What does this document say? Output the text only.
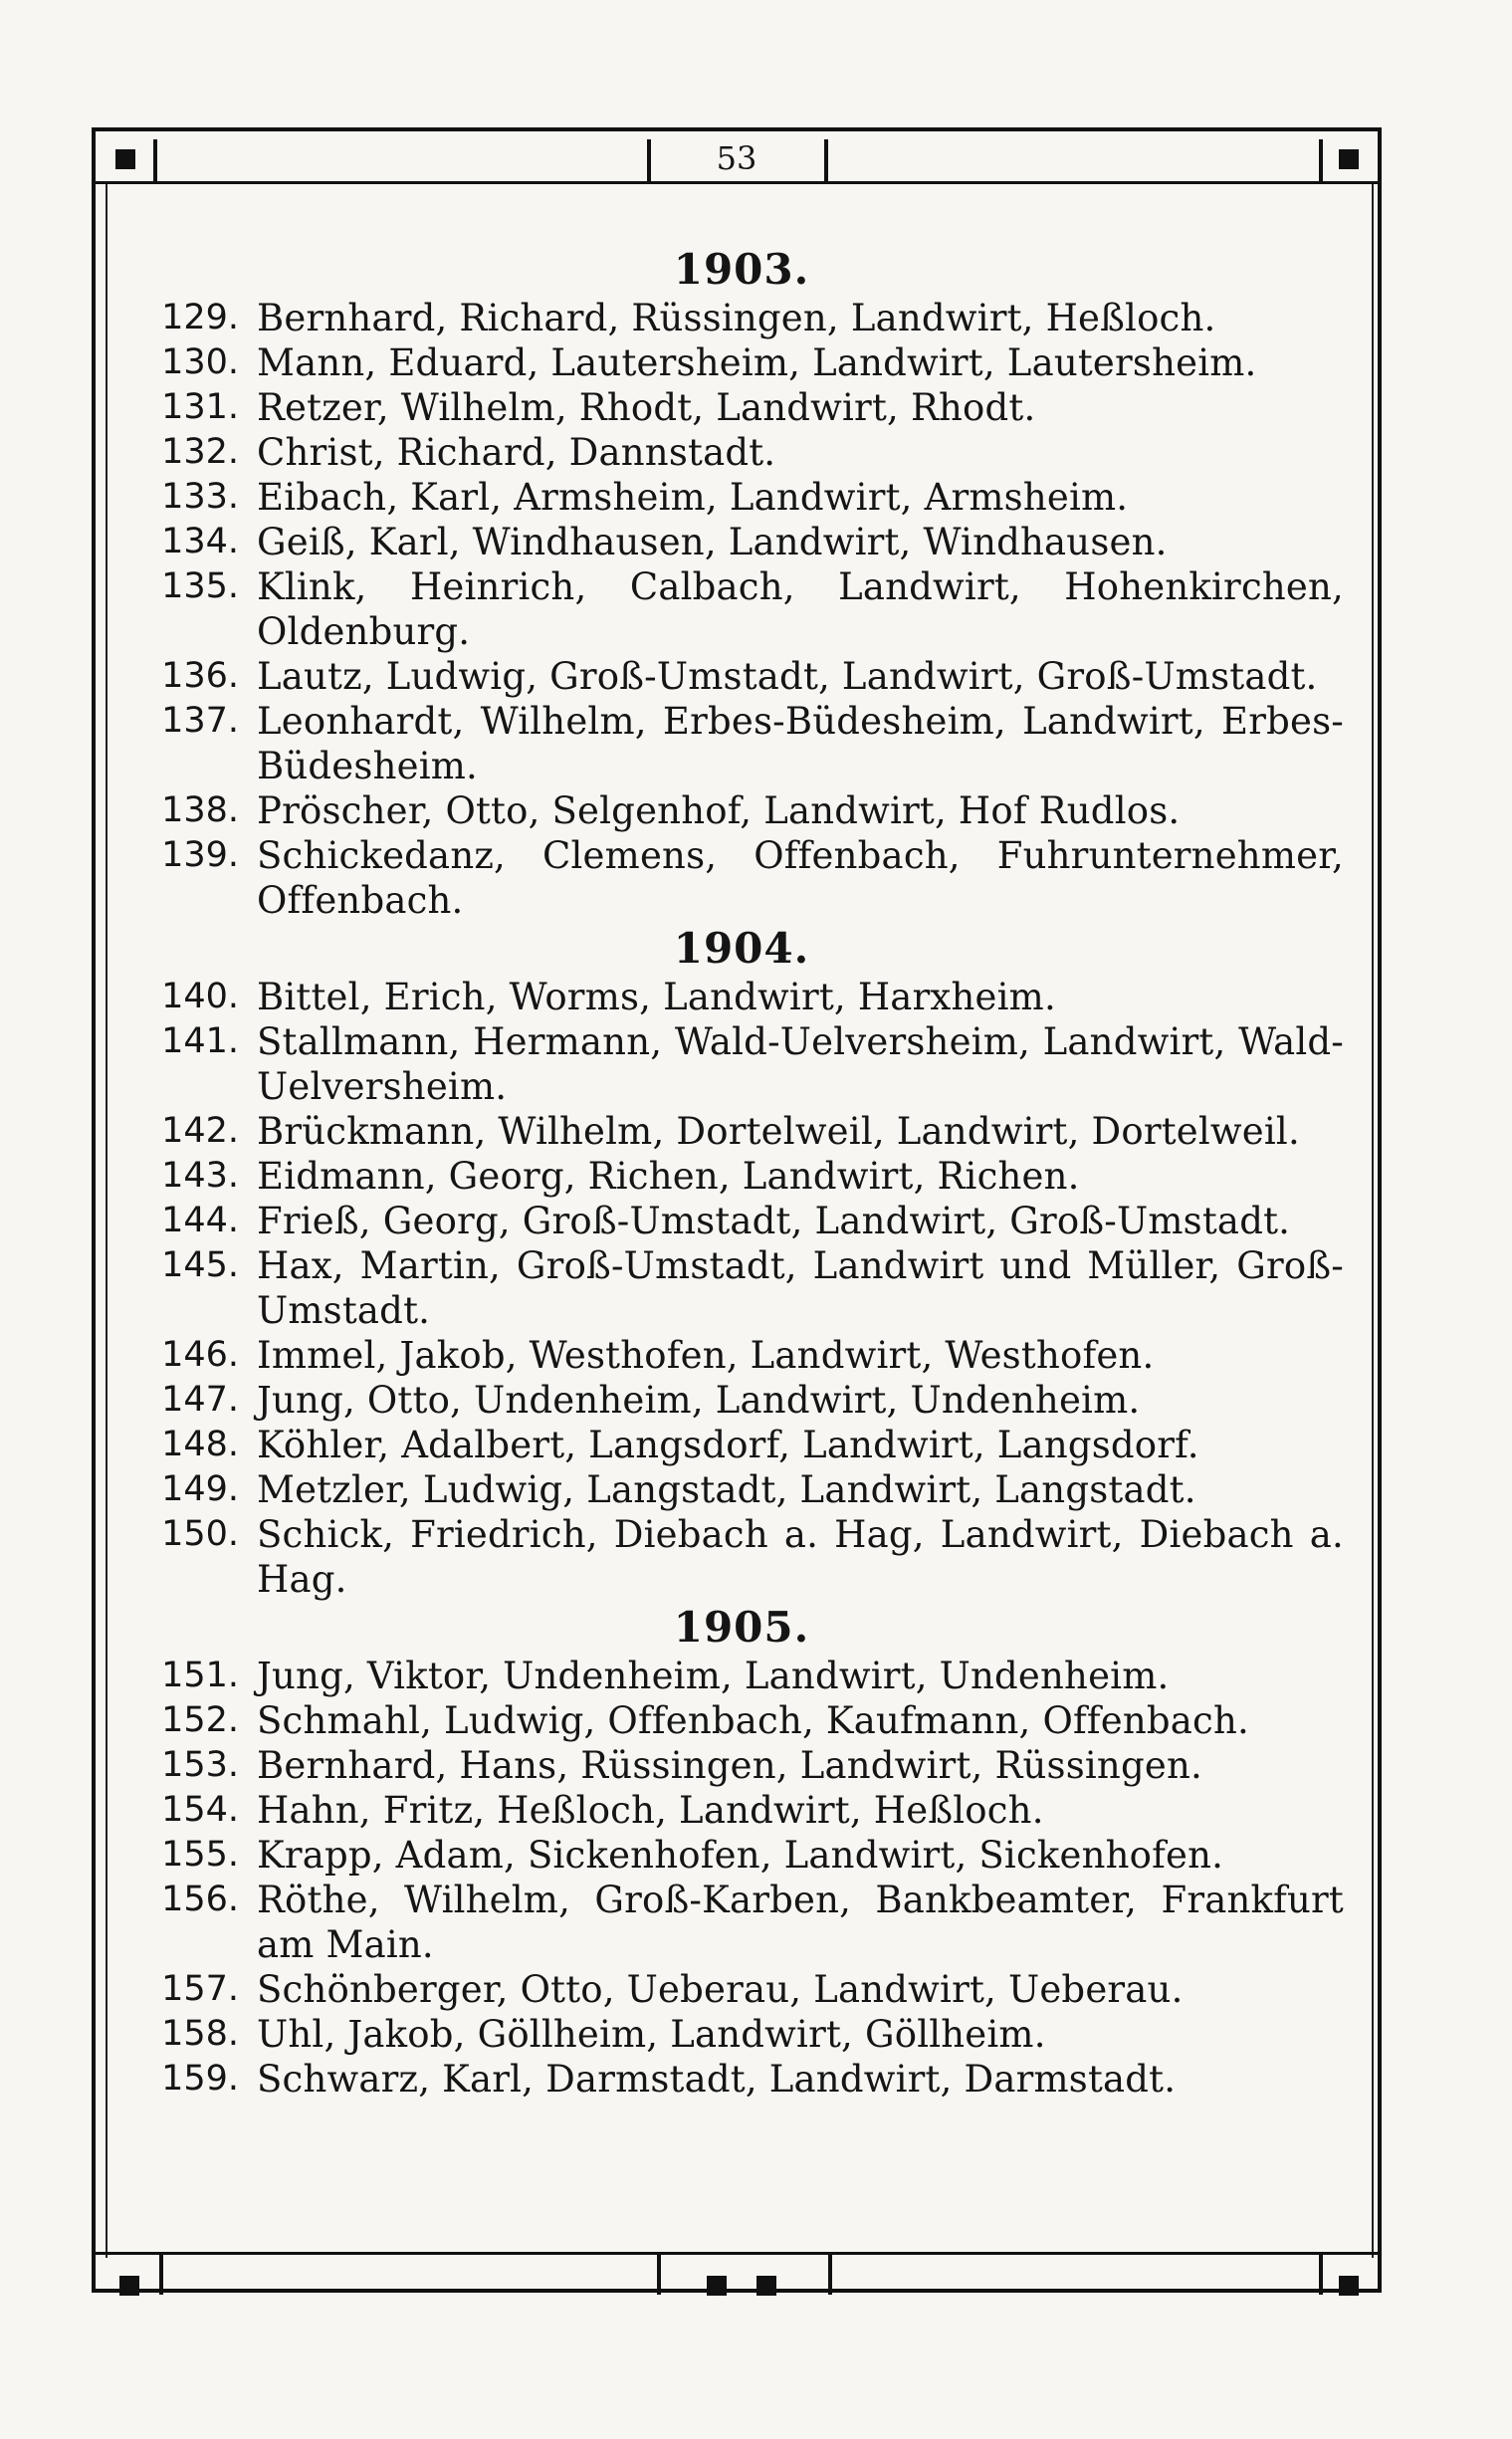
53
1903.
129. Bernhard, Richard, Rüssingen, Landwirt, Heßloch.
130. Mann, Eduard, Lautersheim, Landwirt, Lautersheim.
131. Retzer, Wilhelm, Rhodt, Landwirt, Rhodt.
132. Christ, Richard, Dannstadt.
133. Eibach, Karl, Armsheim, Landwirt, Armsheim.
134. Geiß, Karl, Windhausen, Landwirt, Windhausen.
135. Klink, Heinrich, Calbach, Landwirt, Hohenkirchen, Oldenburg.
136. Lautz, Ludwig, Groß-Umstadt, Landwirt, Groß-Umstadt.
137. Leonhardt, Wilhelm, Erbes-Büdesheim, Landwirt, Erbes-Büdesheim.
138. Pröscher, Otto, Selgenhof, Landwirt, Hof Rudlos.
139. Schickedanz, Clemens, Offenbach, Fuhrunternehmer, Offenbach.
1904.
140. Bittel, Erich, Worms, Landwirt, Harxheim.
141. Stallmann, Hermann, Wald-Uelversheim, Landwirt, Wald-Uelversheim.
142. Brückmann, Wilhelm, Dortelweil, Landwirt, Dortelweil.
143. Eidmann, Georg, Richen, Landwirt, Richen.
144. Frieß, Georg, Groß-Umstadt, Landwirt, Groß-Umstadt.
145. Hax, Martin, Groß-Umstadt, Landwirt und Müller, Groß-Umstadt.
146. Immel, Jakob, Westhofen, Landwirt, Westhofen.
147. Jung, Otto, Undenheim, Landwirt, Undenheim.
148. Köhler, Adalbert, Langsdorf, Landwirt, Langsdorf.
149. Metzler, Ludwig, Langstadt, Landwirt, Langstadt.
150. Schick, Friedrich, Diebach a. Hag, Landwirt, Diebach a. Hag.
1905.
151. Jung, Viktor, Undenheim, Landwirt, Undenheim.
152. Schmahl, Ludwig, Offenbach, Kaufmann, Offenbach.
153. Bernhard, Hans, Rüssingen, Landwirt, Rüssingen.
154. Hahn, Fritz, Heßloch, Landwirt, Heßloch.
155. Krapp, Adam, Sickenhofen, Landwirt, Sickenhofen.
156. Röthe, Wilhelm, Groß-Karben, Bankbeamter, Frankfurt am Main.
157. Schönberger, Otto, Ueberau, Landwirt, Ueberau.
158. Uhl, Jakob, Göllheim, Landwirt, Göllheim.
159. Schwarz, Karl, Darmstadt, Landwirt, Darmstadt.
